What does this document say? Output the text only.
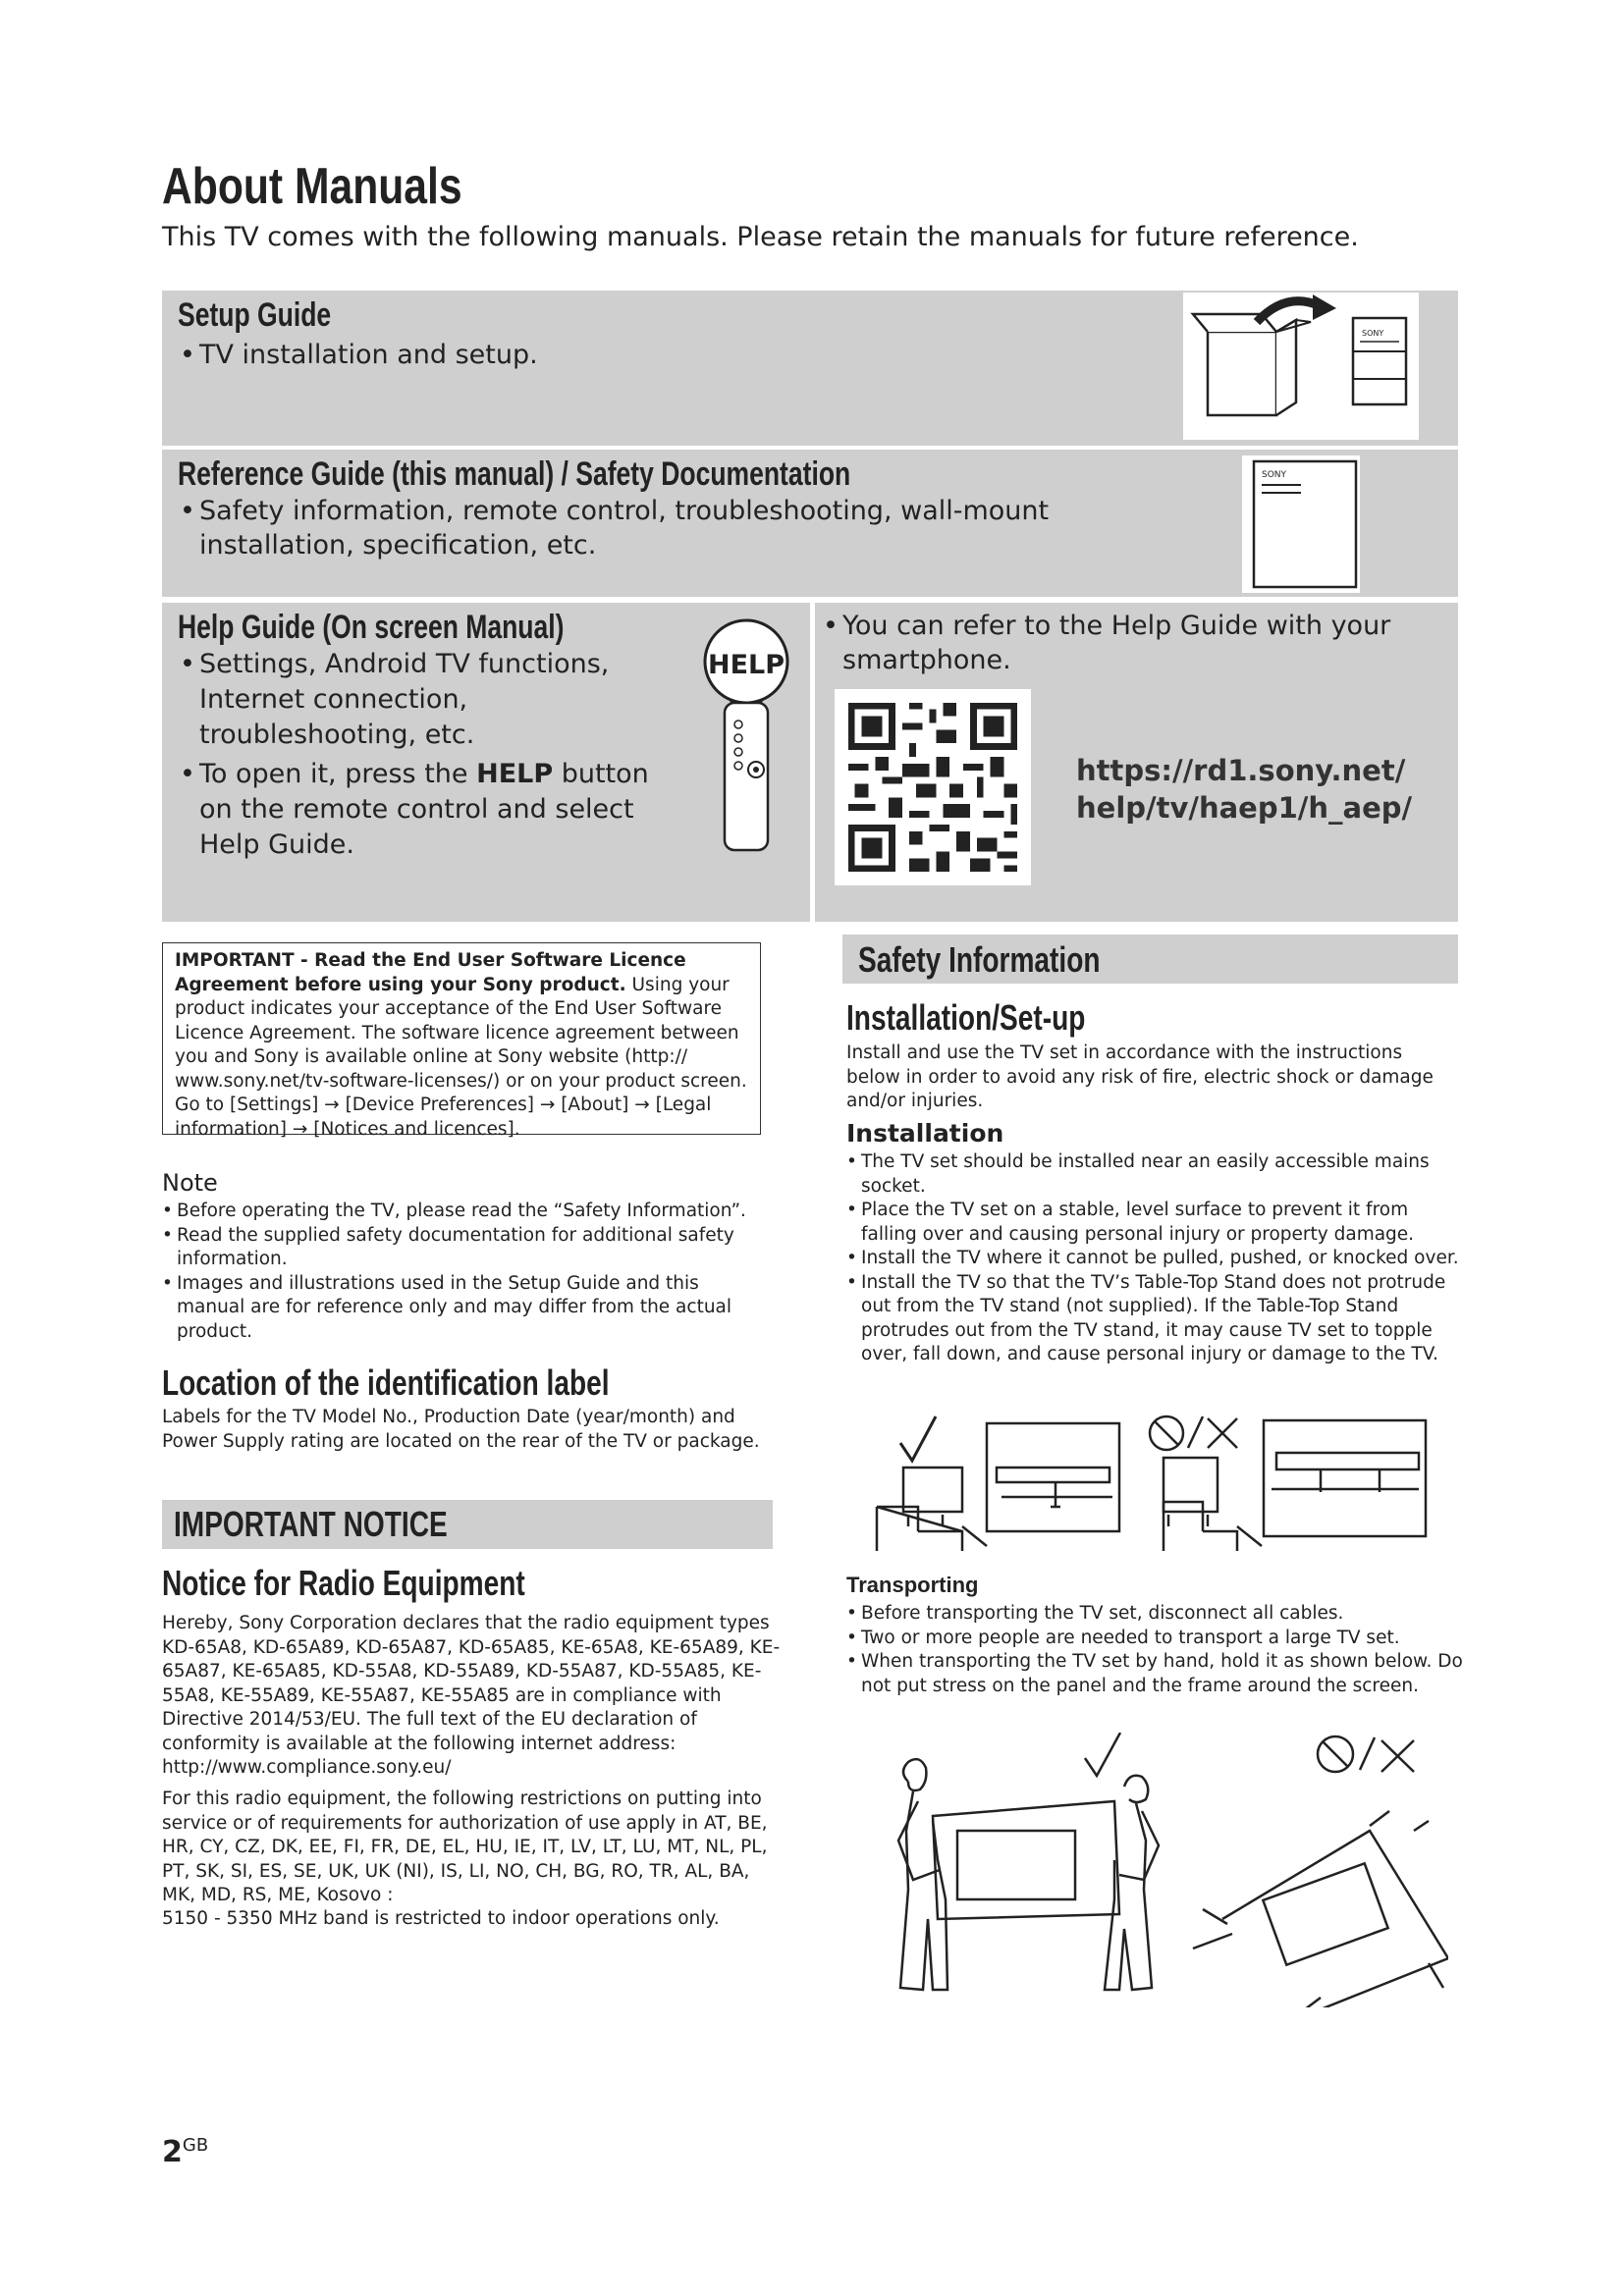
About Manuals
This TV comes with the following manuals. Please retain the manuals for future reference.
Setup Guide
• TV installation and setup.
SONY
Reference Guide (this manual) / Safety Documentation
• Safety information, remote control, troubleshooting, wall-mount installation, specification, etc.
SONY
Help Guide (On screen Manual)
• Settings, Android TV functions, Internet connection, troubleshooting, etc.
• To open it, press the HELP button on the remote control and select Help Guide.
HELP
• You can refer to the Help Guide with your smartphone.
https://rd1.sony.net/
help/tv/haep1/h_aep/
IMPORTANT - Read the End User Software Licence Agreement before using your Sony product. Using your product indicates your acceptance of the End User Software Licence Agreement. The software licence agreement between you and Sony is available online at Sony website (http://​www.sony.net/tv-software-licenses/) or on your product screen. Go to [Settings] → [Device Preferences] → [About] → [Legal information] → [Notices and licences].
Note
• Before operating the TV, please read the “Safety Information”.
• Read the supplied safety documentation for additional safety information.
• Images and illustrations used in the Setup Guide and this manual are for reference only and may differ from the actual product.
Location of the identification label
Labels for the TV Model No., Production Date (year/month) and Power Supply rating are located on the rear of the TV or package.
IMPORTANT NOTICE
Notice for Radio Equipment
Hereby, Sony Corporation declares that the radio equipment types KD-65A8, KD-65A89, KD-65A87, KD-65A85, KE-65A8, KE-65A89, KE-65A87, KE-65A85, KD-55A8, KD-55A89, KD-55A87, KD-55A85, KE-55A8, KE-55A89, KE-55A87, KE-55A85 are in compliance with Directive 2014/53/EU. The full text of the EU declaration of conformity is available at the following internet address: http://www.compliance.sony.eu/
For this radio equipment, the following restrictions on putting into service or of requirements for authorization of use apply in AT, BE, HR, CY, CZ, DK, EE, FI, FR, DE, EL, HU, IE, IT, LV, LT, LU, MT, NL, PL, PT, SK, SI, ES, SE, UK, UK (NI), IS, LI, NO, CH, BG, RO, TR, AL, BA, MK, MD, RS, ME, Kosovo :
5150 - 5350 MHz band is restricted to indoor operations only.
Safety Information
Installation/Set-up
Install and use the TV set in accordance with the instructions below in order to avoid any risk of fire, electric shock or damage and/or injuries.
Installation
• The TV set should be installed near an easily accessible mains socket.
• Place the TV set on a stable, level surface to prevent it from falling over and causing personal injury or property damage.
• Install the TV where it cannot be pulled, pushed, or knocked over.
• Install the TV so that the TV’s Table-Top Stand does not protrude out from the TV stand (not supplied). If the Table-Top Stand protrudes out from the TV stand, it may cause TV set to topple over, fall down, and cause personal injury or damage to the TV.
Transporting
• Before transporting the TV set, disconnect all cables.
• Two or more people are needed to transport a large TV set.
• When transporting the TV set by hand, hold it as shown below. Do not put stress on the panel and the frame around the screen.
$2^{GB}$
